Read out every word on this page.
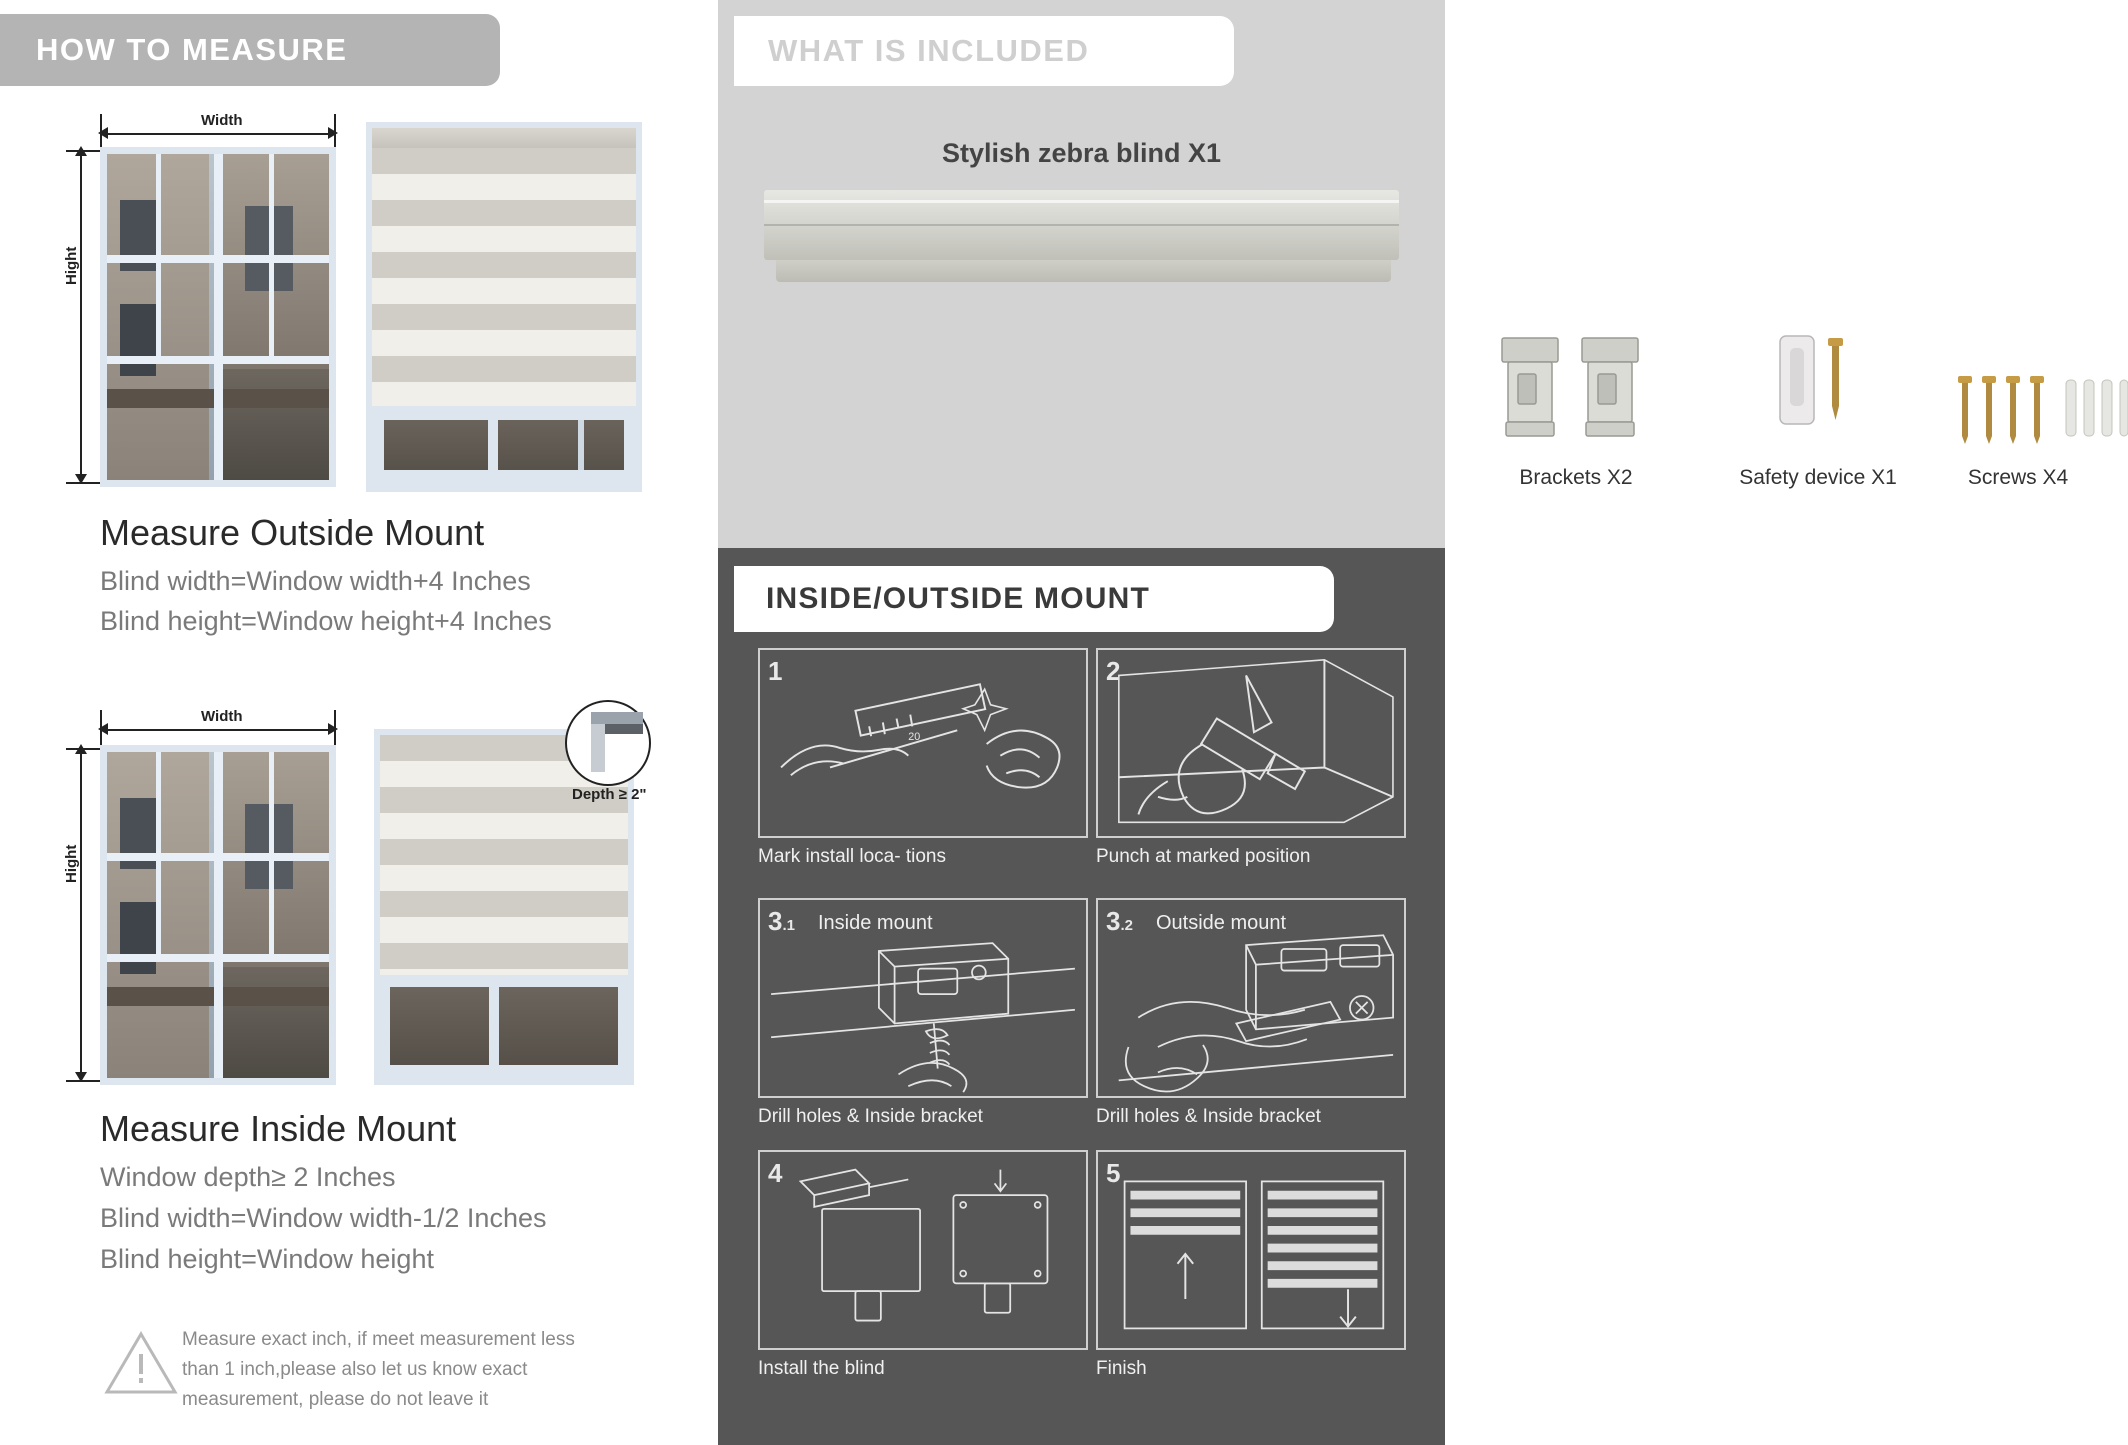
HOW TO MEASURE
Width
Hight
Measure Outside Mount
Blind width=Window width+4 Inches
Blind height=Window height+4 Inches
Width
Hight
Depth ≥ 2"
Measure Inside Mount
Window depth≥ 2 Inches
Blind width=Window width-1/2 Inches
Blind height=Window height
Measure exact inch, if meet measurement less
than 1 inch,please also let us know exact
measurement, please do not leave it
WHAT IS INCLUDED
Stylish zebra blind X1
Brackets X2	Safety device X1	Screws X4
INSIDE/OUTSIDE MOUNT
1
20
Mark install loca- tions
2
Punch at marked position
3.1 Inside mount
Drill holes & Inside bracket
3.2 Outside mount
Drill holes & Inside bracket
4
Install the blind
5
Finish
